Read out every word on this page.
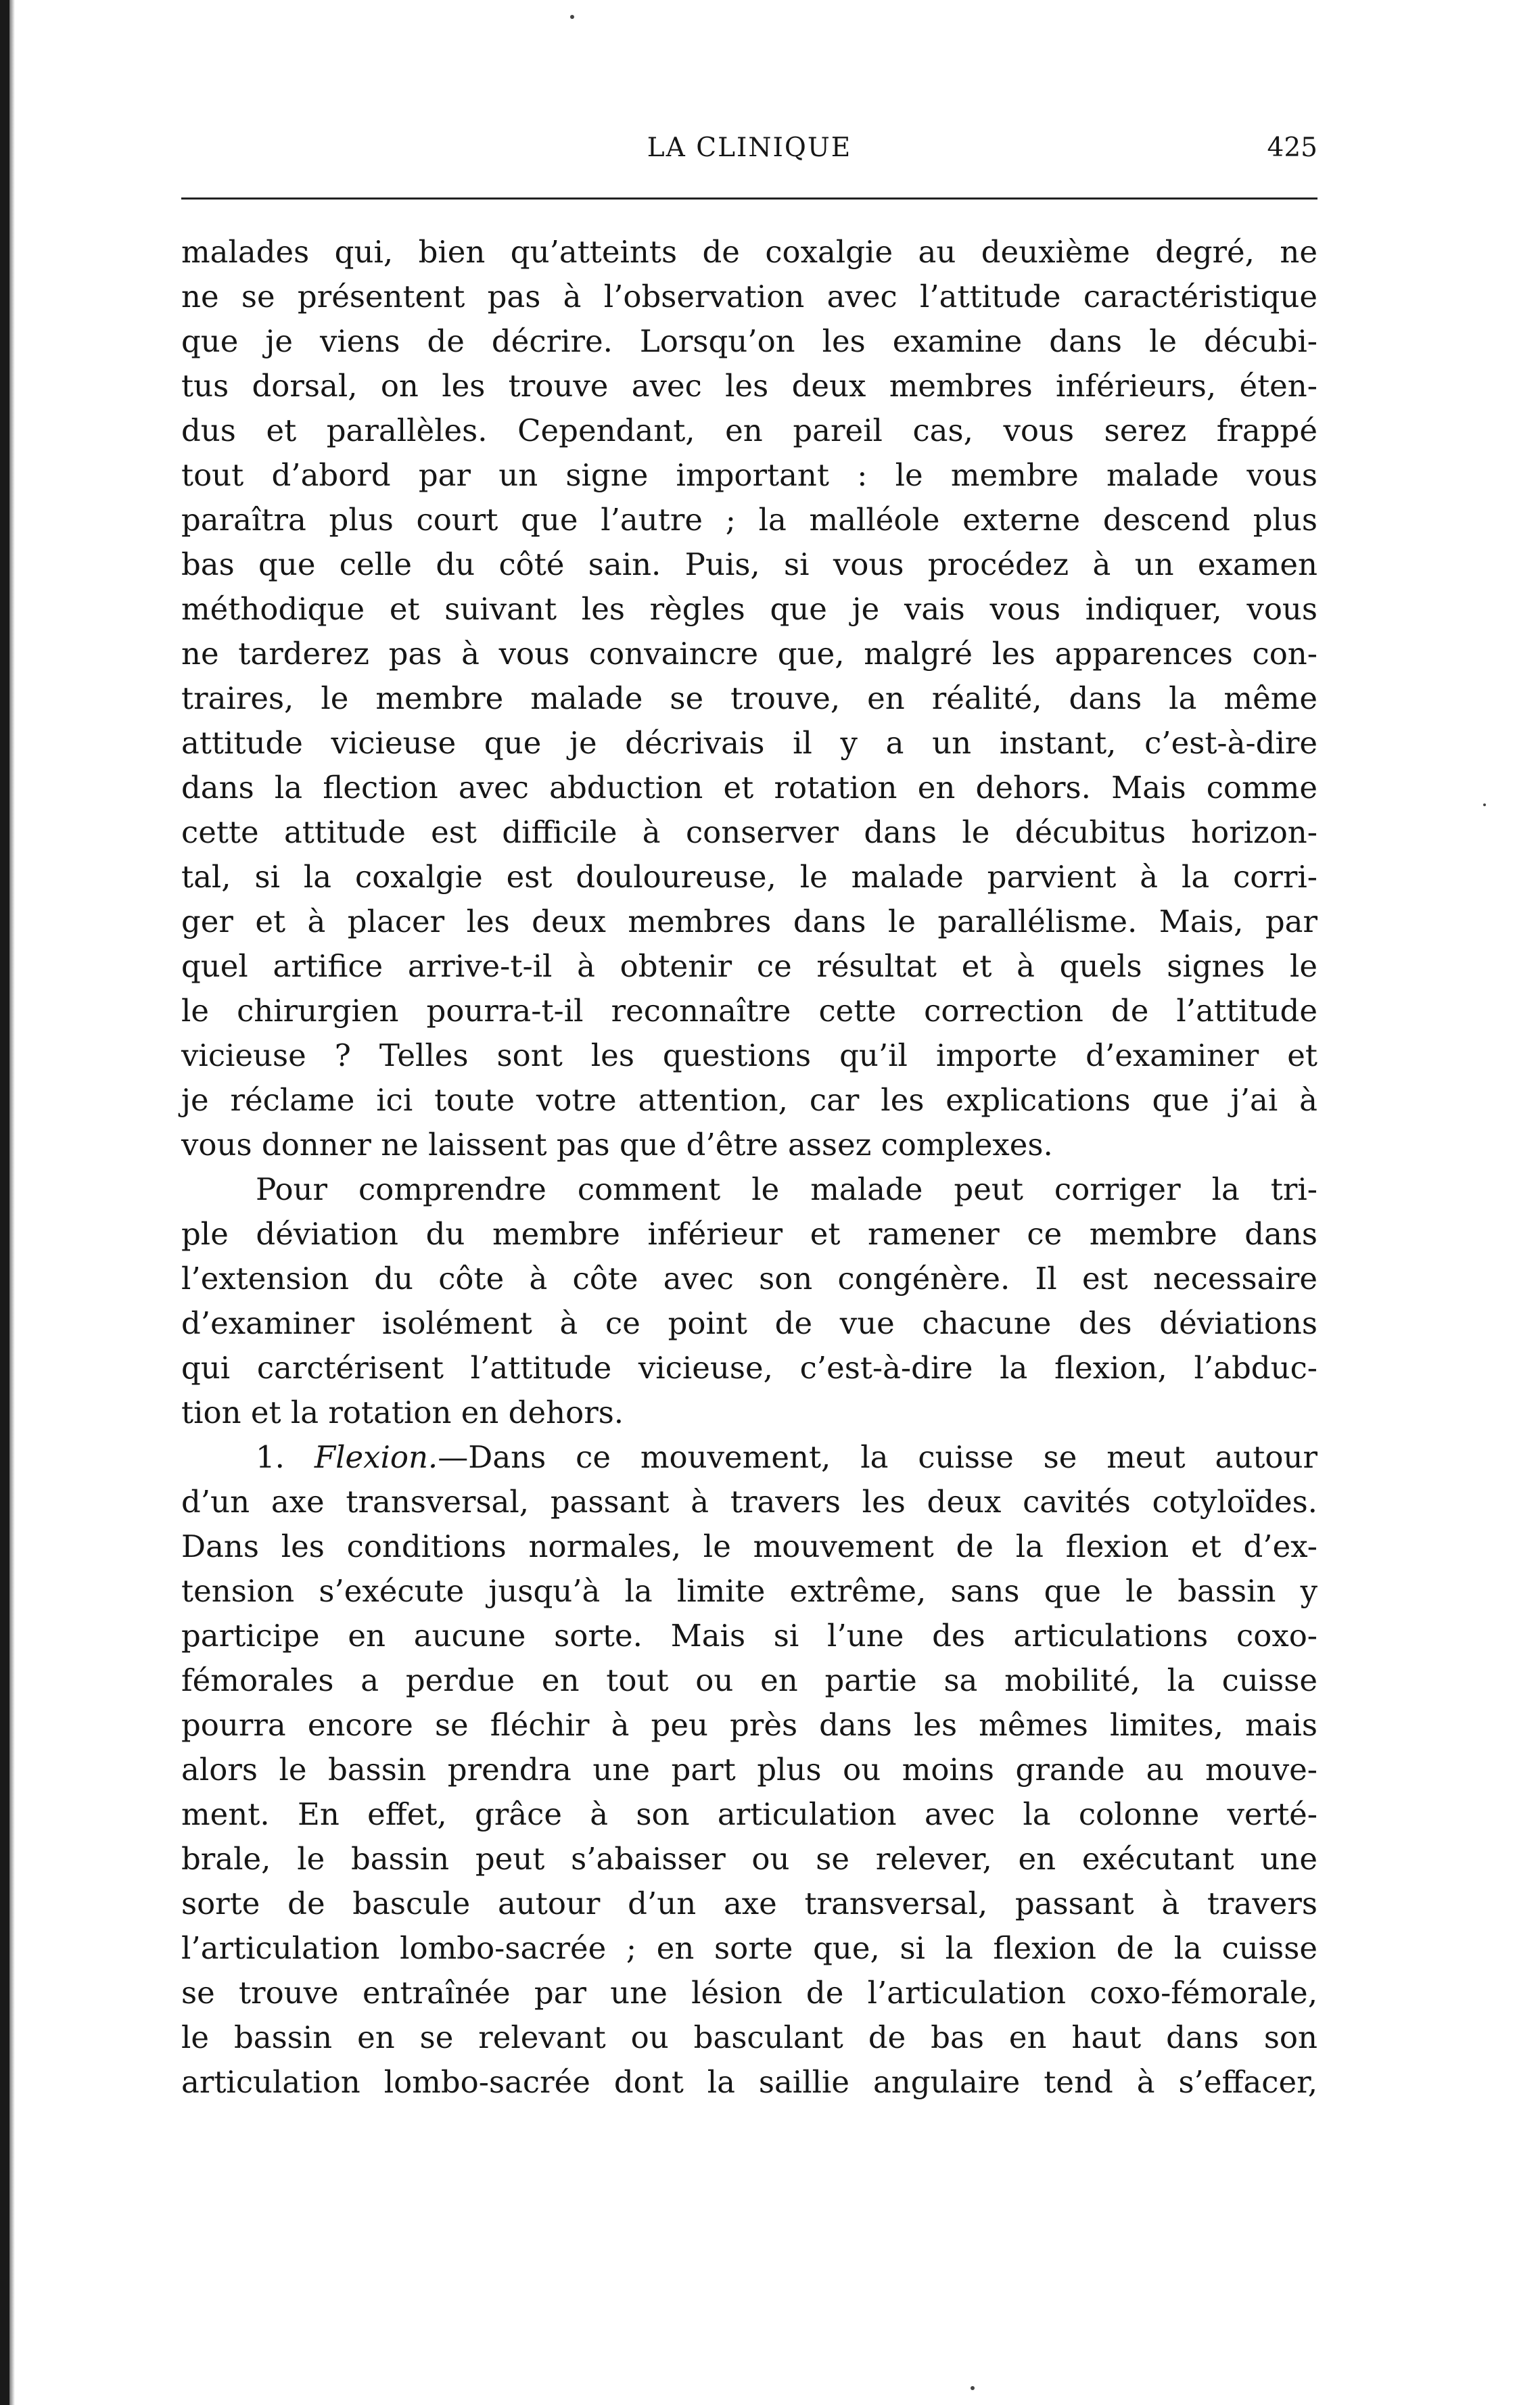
LA CLINIQUE	425
malades qui, bien qu’atteints de coxalgie au deuxième degré, ne
ne se présentent pas à l’observation avec l’attitude caractéristique
que je viens de décrire. Lorsqu’on les examine dans le décubi-
tus dorsal, on les trouve avec les deux membres inférieurs, éten-
dus et parallèles. Cependant, en pareil cas, vous serez frappé
tout d’abord par un signe important : le membre malade vous
paraîtra plus court que l’autre ; la malléole externe descend plus
bas que celle du côté sain. Puis, si vous procédez à un examen
méthodique et suivant les règles que je vais vous indiquer, vous
ne tarderez pas à vous convaincre que, malgré les apparences con-
traires, le membre malade se trouve, en réalité, dans la même
attitude vicieuse que je décrivais il y a un instant, c’est-à-dire
dans la flection avec abduction et rotation en dehors. Mais comme
cette attitude est difficile à conserver dans le décubitus horizon-
tal, si la coxalgie est douloureuse, le malade parvient à la corri-
ger et à placer les deux membres dans le parallélisme. Mais, par
quel artifice arrive-t-il à obtenir ce résultat et à quels signes le
le chirurgien pourra-t-il reconnaître cette correction de l’attitude
vicieuse ? Telles sont les questions qu’il importe d’examiner et
je réclame ici toute votre attention, car les explications que j’ai à
vous donner ne laissent pas que d’être assez complexes.
Pour comprendre comment le malade peut corriger la tri-
ple déviation du membre inférieur et ramener ce membre dans
l’extension du côte à côte avec son congénère. Il est necessaire
d’examiner isolément à ce point de vue chacune des déviations
qui carctérisent l’attitude vicieuse, c’est-à-dire la flexion, l’abduc-
tion et la rotation en dehors.
1. Flexion.—Dans ce mouvement, la cuisse se meut autour
d’un axe transversal, passant à travers les deux cavités cotyloïdes.
Dans les conditions normales, le mouvement de la flexion et d’ex-
tension s’exécute jusqu’à la limite extrême, sans que le bassin y
participe en aucune sorte. Mais si l’une des articulations coxo-
fémorales a perdue en tout ou en partie sa mobilité, la cuisse
pourra encore se fléchir à peu près dans les mêmes limites, mais
alors le bassin prendra une part plus ou moins grande au mouve-
ment. En effet, grâce à son articulation avec la colonne verté-
brale, le bassin peut s’abaisser ou se relever, en exécutant une
sorte de bascule autour d’un axe transversal, passant à travers
l’articulation lombo-sacrée ; en sorte que, si la flexion de la cuisse
se trouve entraînée par une lésion de l’articulation coxo-fémorale,
le bassin en se relevant ou basculant de bas en haut dans son
articulation lombo-sacrée dont la saillie angulaire tend à s’effacer,
